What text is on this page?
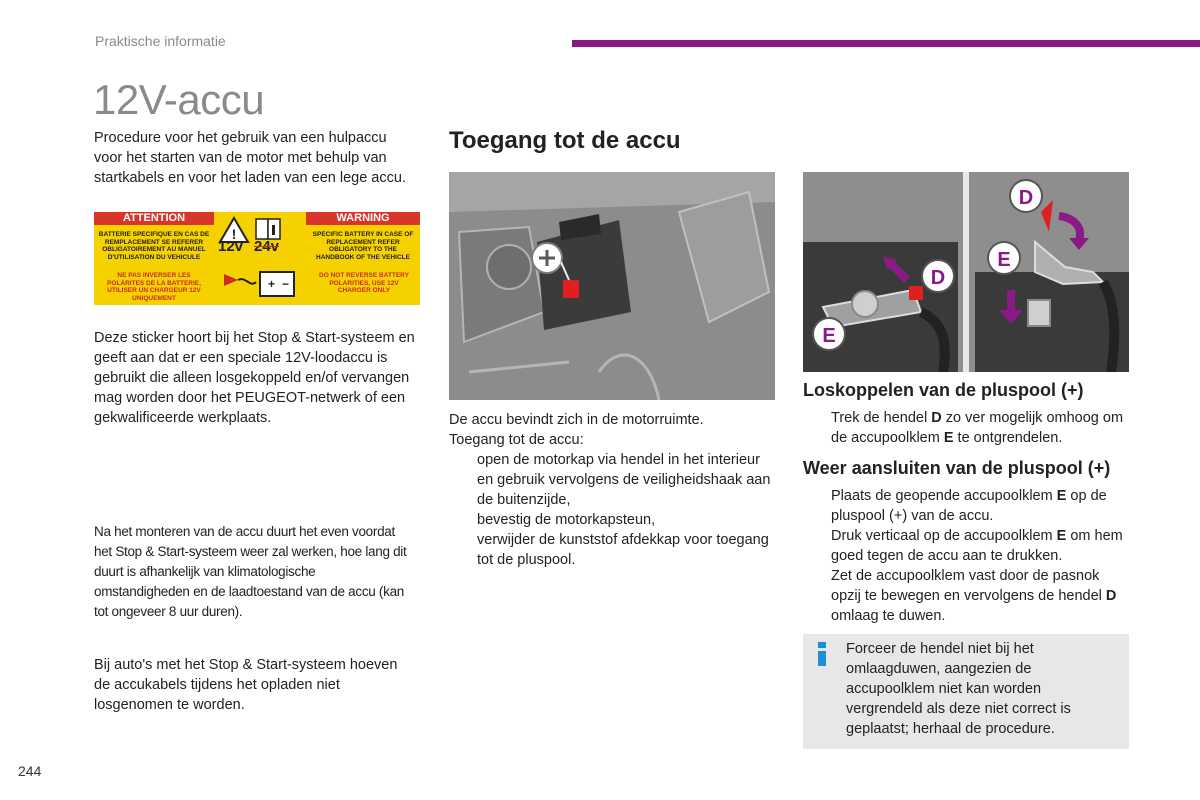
Praktische informatie
12V-accu
Procedure voor het gebruik van een hulpaccu voor het starten van de motor met behulp van startkabels en voor het laden van een lege accu.
ATTENTION	WARNING
BATTERIE SPECIFIQUE EN CAS DE REMPLACEMENT SE REFERER OBLIGATOIREMENT AU MANUEL D'UTILISATION DU VEHICULE
SPECIFIC BATTERY IN CASE OF REPLACEMENT REFER OBLIGATORY TO THE HANDBOOK OF THE VEHICLE
NE PAS INVERSER LES POLARITES DE LA BATTERIE, UTILISER UN CHARGEUR 12V UNIQUEMENT
DO NOT REVERSE BATTERY POLARITIES, USE 12V CHARGER ONLY
!
+ −
12v 24v
Deze sticker hoort bij het Stop & Start-systeem en geeft aan dat er een speciale 12V-loodaccu is gebruikt die alleen losgekoppeld en/of vervangen mag worden door het PEUGEOT-netwerk of een gekwalificeerde werkplaats.
Na het monteren van de accu duurt het even voordat het Stop & Start-systeem weer zal werken, hoe lang dit duurt is afhankelijk van klimatologische omstandigheden en de laadtoestand van de accu (kan tot ongeveer 8 uur duren).
Bij auto's met het Stop & Start-systeem hoeven de accukabels tijdens het opladen niet losgenomen te worden.
Toegang tot de accu
De accu bevindt zich in de motorruimte.
Toegang tot de accu:
open de motorkap via hendel in het interieur en gebruik vervolgens de veiligheidshaak aan de buitenzijde,
bevestig de motorkapsteun,
verwijder de kunststof afdekkap voor toegang tot de pluspool.
D
E
D
E
Loskoppelen van de pluspool (+)
Trek de hendel D zo ver mogelijk omhoog om de accupoolklem E te ontgrendelen.
Weer aansluiten van de pluspool (+)
Plaats de geopende accupoolklem E op de pluspool (+) van de accu.
Druk verticaal op de accupoolklem E om hem goed tegen de accu aan te drukken.
Zet de accupoolklem vast door de pasnok opzij te bewegen en vervolgens de hendel D omlaag te duwen.
Forceer de hendel niet bij het omlaagduwen, aangezien de accupoolklem niet kan worden vergrendeld als deze niet correct is geplaatst; herhaal de procedure.
244
